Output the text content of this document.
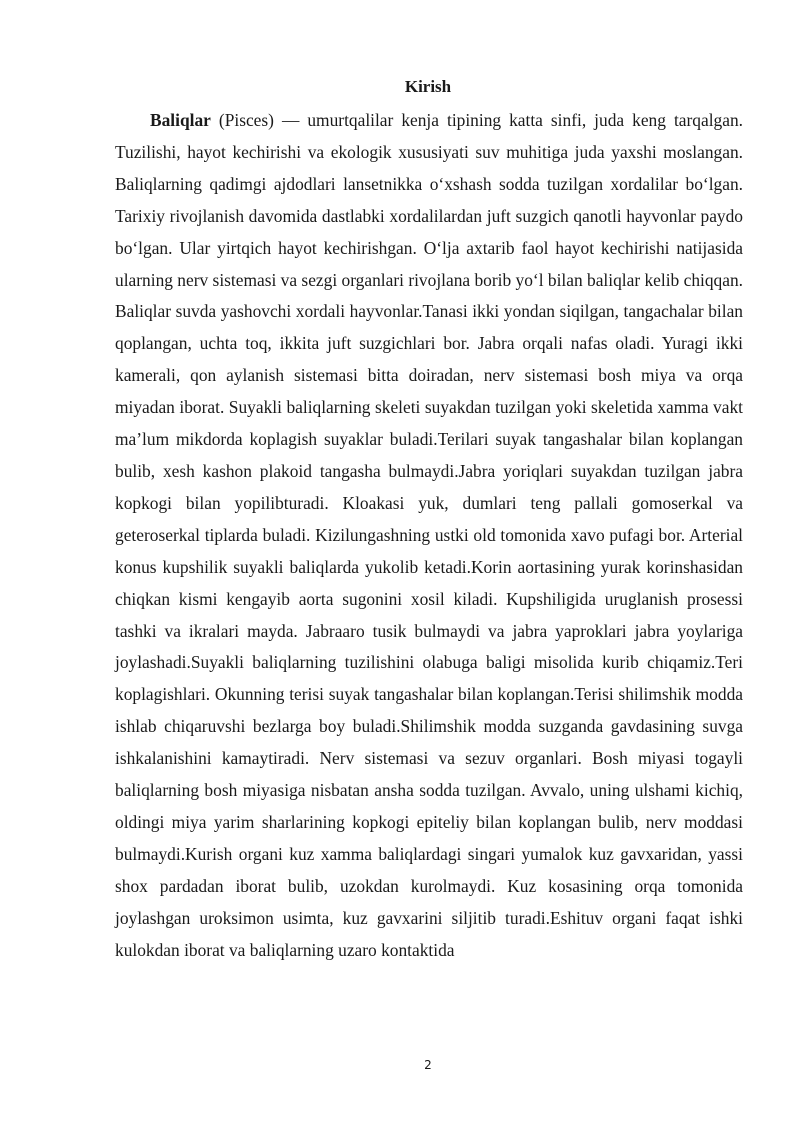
Kirish

Baliqlar (Pisces) — umurtqalilar kenja tipining katta sinfi, juda keng tarqalgan. Tuzilishi, hayot kechirishi va ekologik xususiyati suv muhitiga juda yaxshi moslangan. Baliqlarning qadimgi ajdodlari lansetnikka oʻxshash sodda tuzilgan xordalilar boʻlgan. Tarixiy rivojlanish davomida dastlabki xordalilardan juft suzgich qanotli hayvonlar paydo boʻlgan. Ular yirtqich hayot kechirishgan. Oʻlja axtarib faol hayot kechirishi natijasida ularning nerv sistemasi va sezgi organlari rivojlana borib yoʻl bilan baliqlar kelib chiqqan. Baliqlar suvda yashovchi xordali hayvonlar.Tanasi ikki yondan siqilgan, tangachalar bilan qoplangan, uchta toq, ikkita juft suzgichlari bor. Jabra orqali nafas oladi. Yuragi ikki kamerali, qon aylanish sistemasi bitta doiradan, nerv sistemasi bosh miya va orqa miyadan iborat. Suyakli baliqlarning skeleti suyakdan tuzilgan yoki skeletida xamma vakt ma’lum mikdorda koplagish suyaklar buladi.Terilari suyak tangashalar bilan koplangan bulib, xesh kashon plakoid tangasha bulmaydi.Jabra yoriqlari suyakdan tuzilgan jabra kopkogi bilan yopilibturadi. Kloakasi yuk, dumlari teng pallali gomoserkal va geteroserkal tiplarda buladi. Kizilungashning ustki old tomonida xavo pufagi bor. Arterial konus kupshilik suyakli baliqlarda yukolib ketadi.Korin aortasining yurak korinshasidan chiqkan kismi kengayib aorta sugonini xosil kiladi. Kupshiligida uruglanish prosessi tashki va ikralari mayda. Jabraaro tusik bulmaydi va jabra yaproklari jabra yoylariga joylashadi.Suyakli baliqlarning tuzilishini olabuga baligi misolida kurib chiqamiz.Teri koplagishlari. Okunning terisi suyak tangashalar bilan koplangan.Terisi shilimshik modda ishlab chiqaruvshi bezlarga boy buladi.Shilimshik modda suzganda gavdasining suvga ishkalanishini kamaytiradi. Nerv sistemasi va sezuv organlari. Bosh miyasi togayli baliqlarning bosh miyasiga nisbatan ansha sodda tuzilgan. Avvalo, uning ulshami kichiq, oldingi miya yarim sharlarining kopkogi epiteliy bilan koplangan bulib, nerv moddasi bulmaydi.Kurish organi kuz xamma baliqlardagi singari yumalok kuz gavxaridan, yassi shox pardadan iborat bulib, uzokdan kurolmaydi. Kuz kosasining orqa tomonida joylashgan uroksimon usimta, kuz gavxarini siljitib turadi.Eshituv organi faqat ishki kulokdan iborat va baliqlarning uzaro kontaktida

2
